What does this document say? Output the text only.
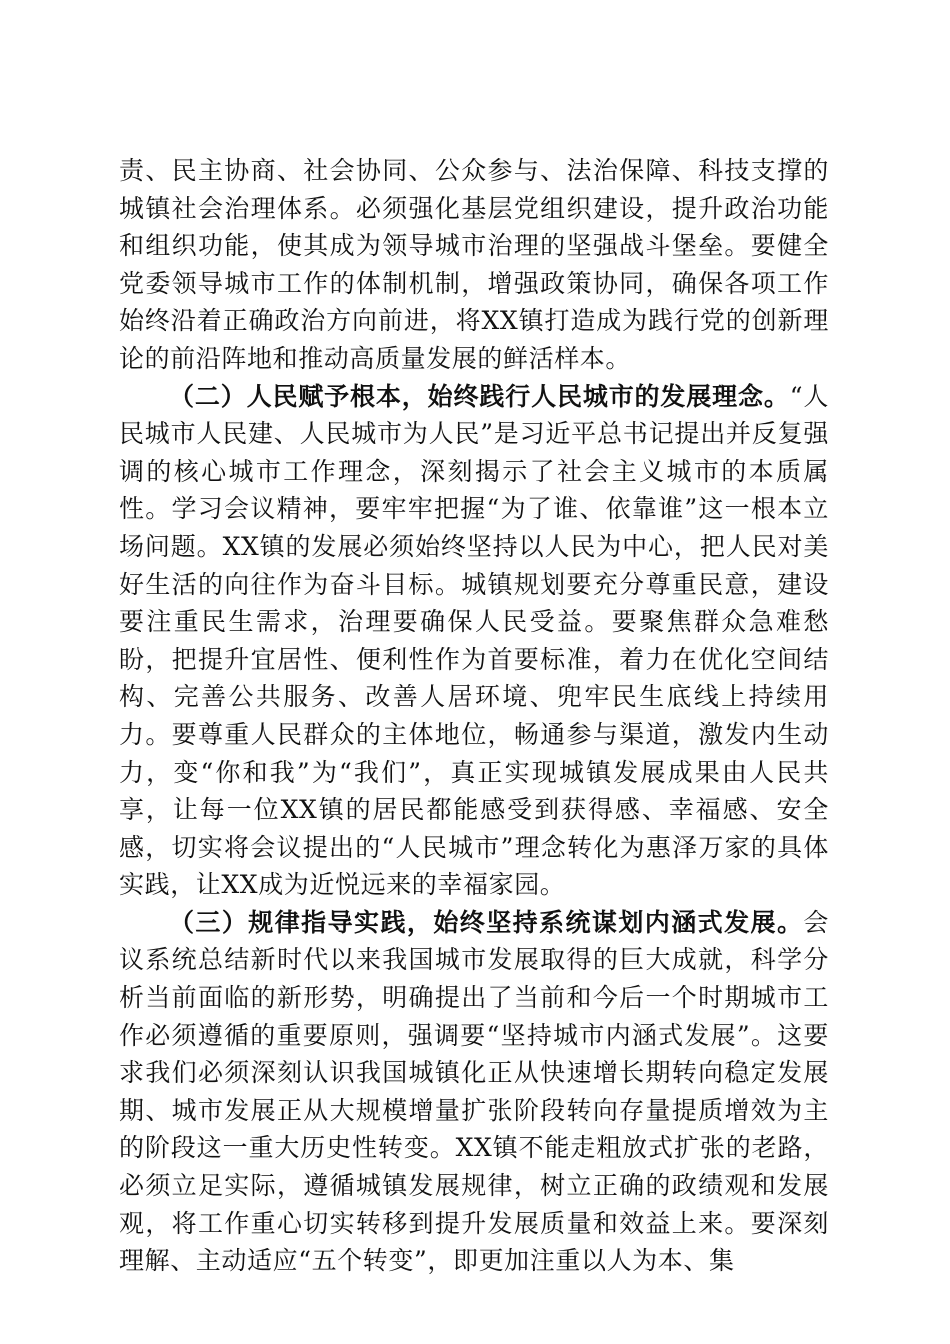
责、民主协商、社会协同、公众参与、法治保障、科技支撑的城镇社会治理体系。必须强化基层党组织建设，提升政治功能和组织功能，使其成为领导城市治理的坚强战斗堡垒。要健全党委领导城市工作的体制机制，增强政策协同，确保各项工作始终沿着正确政治方向前进，将XX镇打造成为践行党的创新理论的前沿阵地和推动高质量发展的鲜活样本。

（二）人民赋予根本，始终践行人民城市的发展理念。“人民城市人民建、人民城市为人民”是习近平总书记提出并反复强调的核心城市工作理念，深刻揭示了社会主义城市的本质属性。学习会议精神，要牢牢把握“为了谁、依靠谁”这一根本立场问题。XX镇的发展必须始终坚持以人民为中心，把人民对美好生活的向往作为奋斗目标。城镇规划要充分尊重民意，建设要注重民生需求，治理要确保人民受益。要聚焦群众急难愁盼，把提升宜居性、便利性作为首要标准，着力在优化空间结构、完善公共服务、改善人居环境、兜牢民生底线上持续用力。要尊重人民群众的主体地位，畅通参与渠道，激发内生动力，变“你和我”为“我们”，真正实现城镇发展成果由人民共享，让每一位XX镇的居民都能感受到获得感、幸福感、安全感，切实将会议提出的“人民城市”理念转化为惠泽万家的具体实践，让XX成为近悦远来的幸福家园。

（三）规律指导实践，始终坚持系统谋划内涵式发展。会议系统总结新时代以来我国城市发展取得的巨大成就，科学分析当前面临的新形势，明确提出了当前和今后一个时期城市工作必须遵循的重要原则，强调要“坚持城市内涵式发展”。这要求我们必须深刻认识我国城镇化正从快速增长期转向稳定发展期、城市发展正从大规模增量扩张阶段转向存量提质增效为主的阶段这一重大历史性转变。XX镇不能走粗放式扩张的老路，必须立足实际，遵循城镇发展规律，树立正确的政绩观和发展观，将工作重心切实转移到提升发展质量和效益上来。要深刻理解、主动适应“五个转变”，即更加注重以人为本、集
